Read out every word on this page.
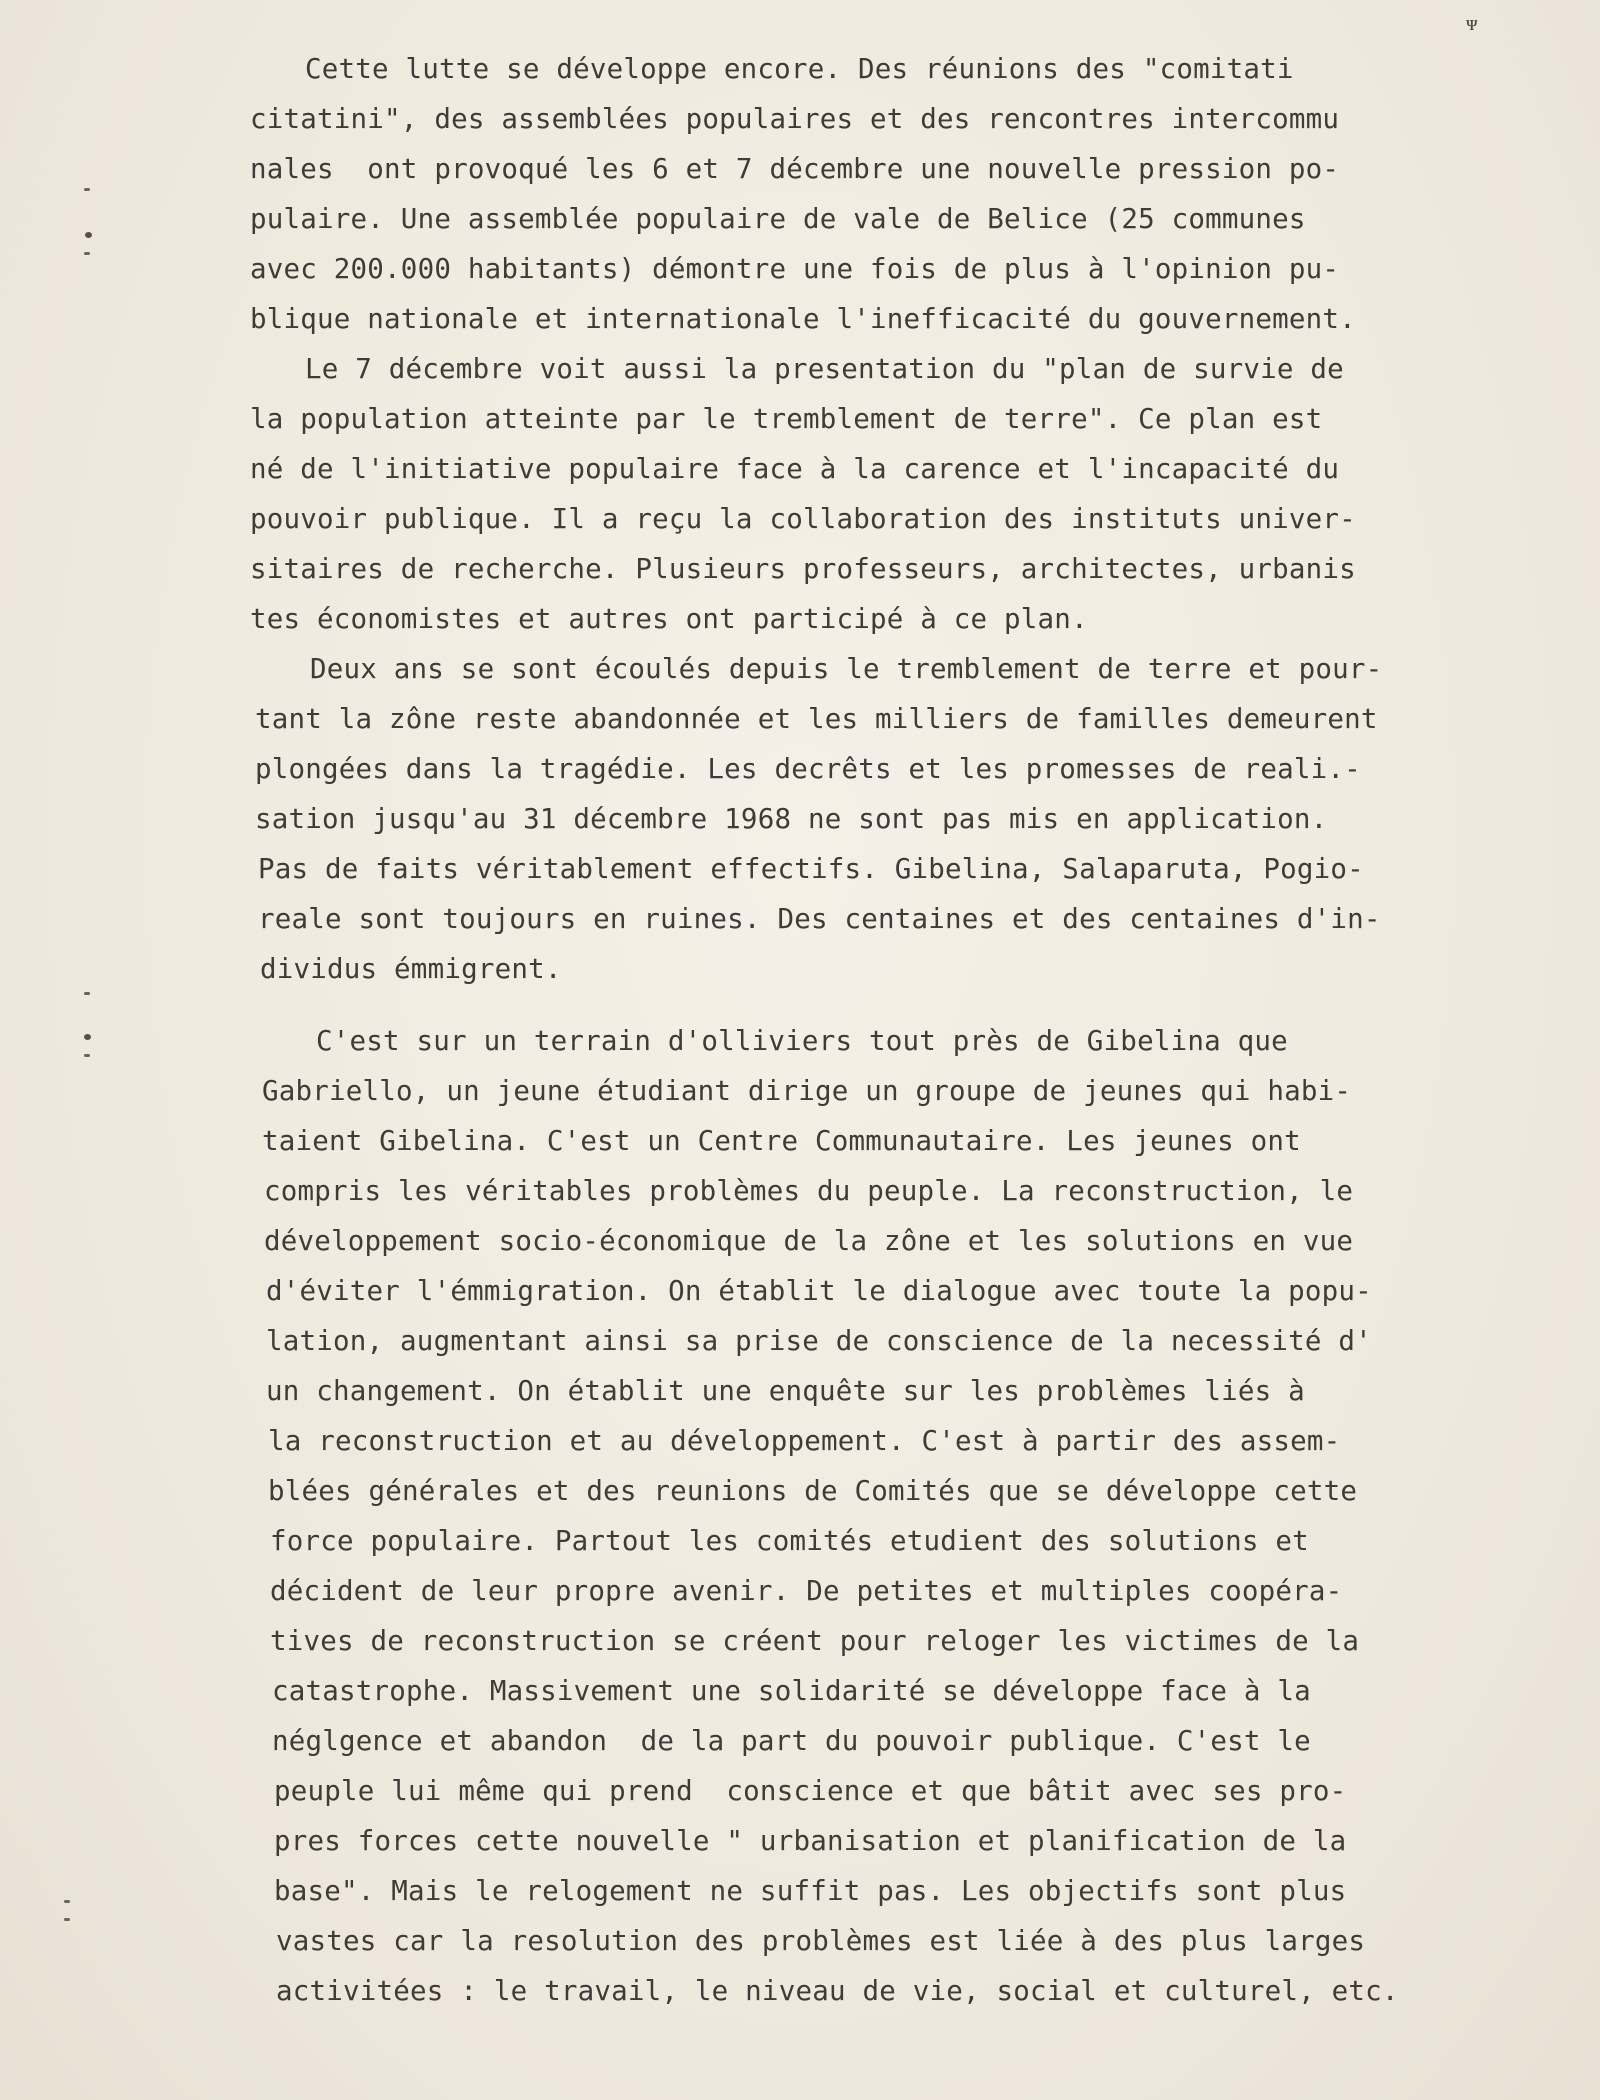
ᴪ
Cette lutte se développe encore. Des réunions des "comitati
citatini", des assemblées populaires et des rencontres intercommu
nales  ont provoqué les 6 et 7 décembre une nouvelle pression po-
pulaire. Une assemblée populaire de vale de Belice (25 communes
avec 200.000 habitants) démontre une fois de plus à l'opinion pu-
blique nationale et internationale l'inefficacité du gouvernement.
Le 7 décembre voit aussi la presentation du "plan de survie de
la population atteinte par le tremblement de terre". Ce plan est
né de l'initiative populaire face à la carence et l'incapacité du
pouvoir publique. Il a reçu la collaboration des instituts univer-
sitaires de recherche. Plusieurs professeurs, architectes, urbanis
tes économistes et autres ont participé à ce plan.
Deux ans se sont écoulés depuis le tremblement de terre et pour-
tant la zône reste abandonnée et les milliers de familles demeurent
plongées dans la tragédie. Les decrêts et les promesses de reali.-
sation jusqu'au 31 décembre 1968 ne sont pas mis en application.
Pas de faits véritablement effectifs. Gibelina, Salaparuta, Pogio-
reale sont toujours en ruines. Des centaines et des centaines d'in-
dividus émmigrent.
C'est sur un terrain d'olliviers tout près de Gibelina que
Gabriello, un jeune étudiant dirige un groupe de jeunes qui habi-
taient Gibelina. C'est un Centre Communautaire. Les jeunes ont
compris les véritables problèmes du peuple. La reconstruction, le
développement socio-économique de la zône et les solutions en vue
d'éviter l'émmigration. On établit le dialogue avec toute la popu-
lation, augmentant ainsi sa prise de conscience de la necessité d'
un changement. On établit une enquête sur les problèmes liés à
la reconstruction et au développement. C'est à partir des assem-
blées générales et des reunions de Comités que se développe cette
force populaire. Partout les comités etudient des solutions et
décident de leur propre avenir. De petites et multiples coopéra-
tives de reconstruction se créent pour reloger les victimes de la
catastrophe. Massivement une solidarité se développe face à la
néglgence et abandon  de la part du pouvoir publique. C'est le
peuple lui même qui prend  conscience et que bâtit avec ses pro-
pres forces cette nouvelle " urbanisation et planification de la
base". Mais le relogement ne suffit pas. Les objectifs sont plus
vastes car la resolution des problèmes est liée à des plus larges
activitées : le travail, le niveau de vie, social et culturel, etc.
